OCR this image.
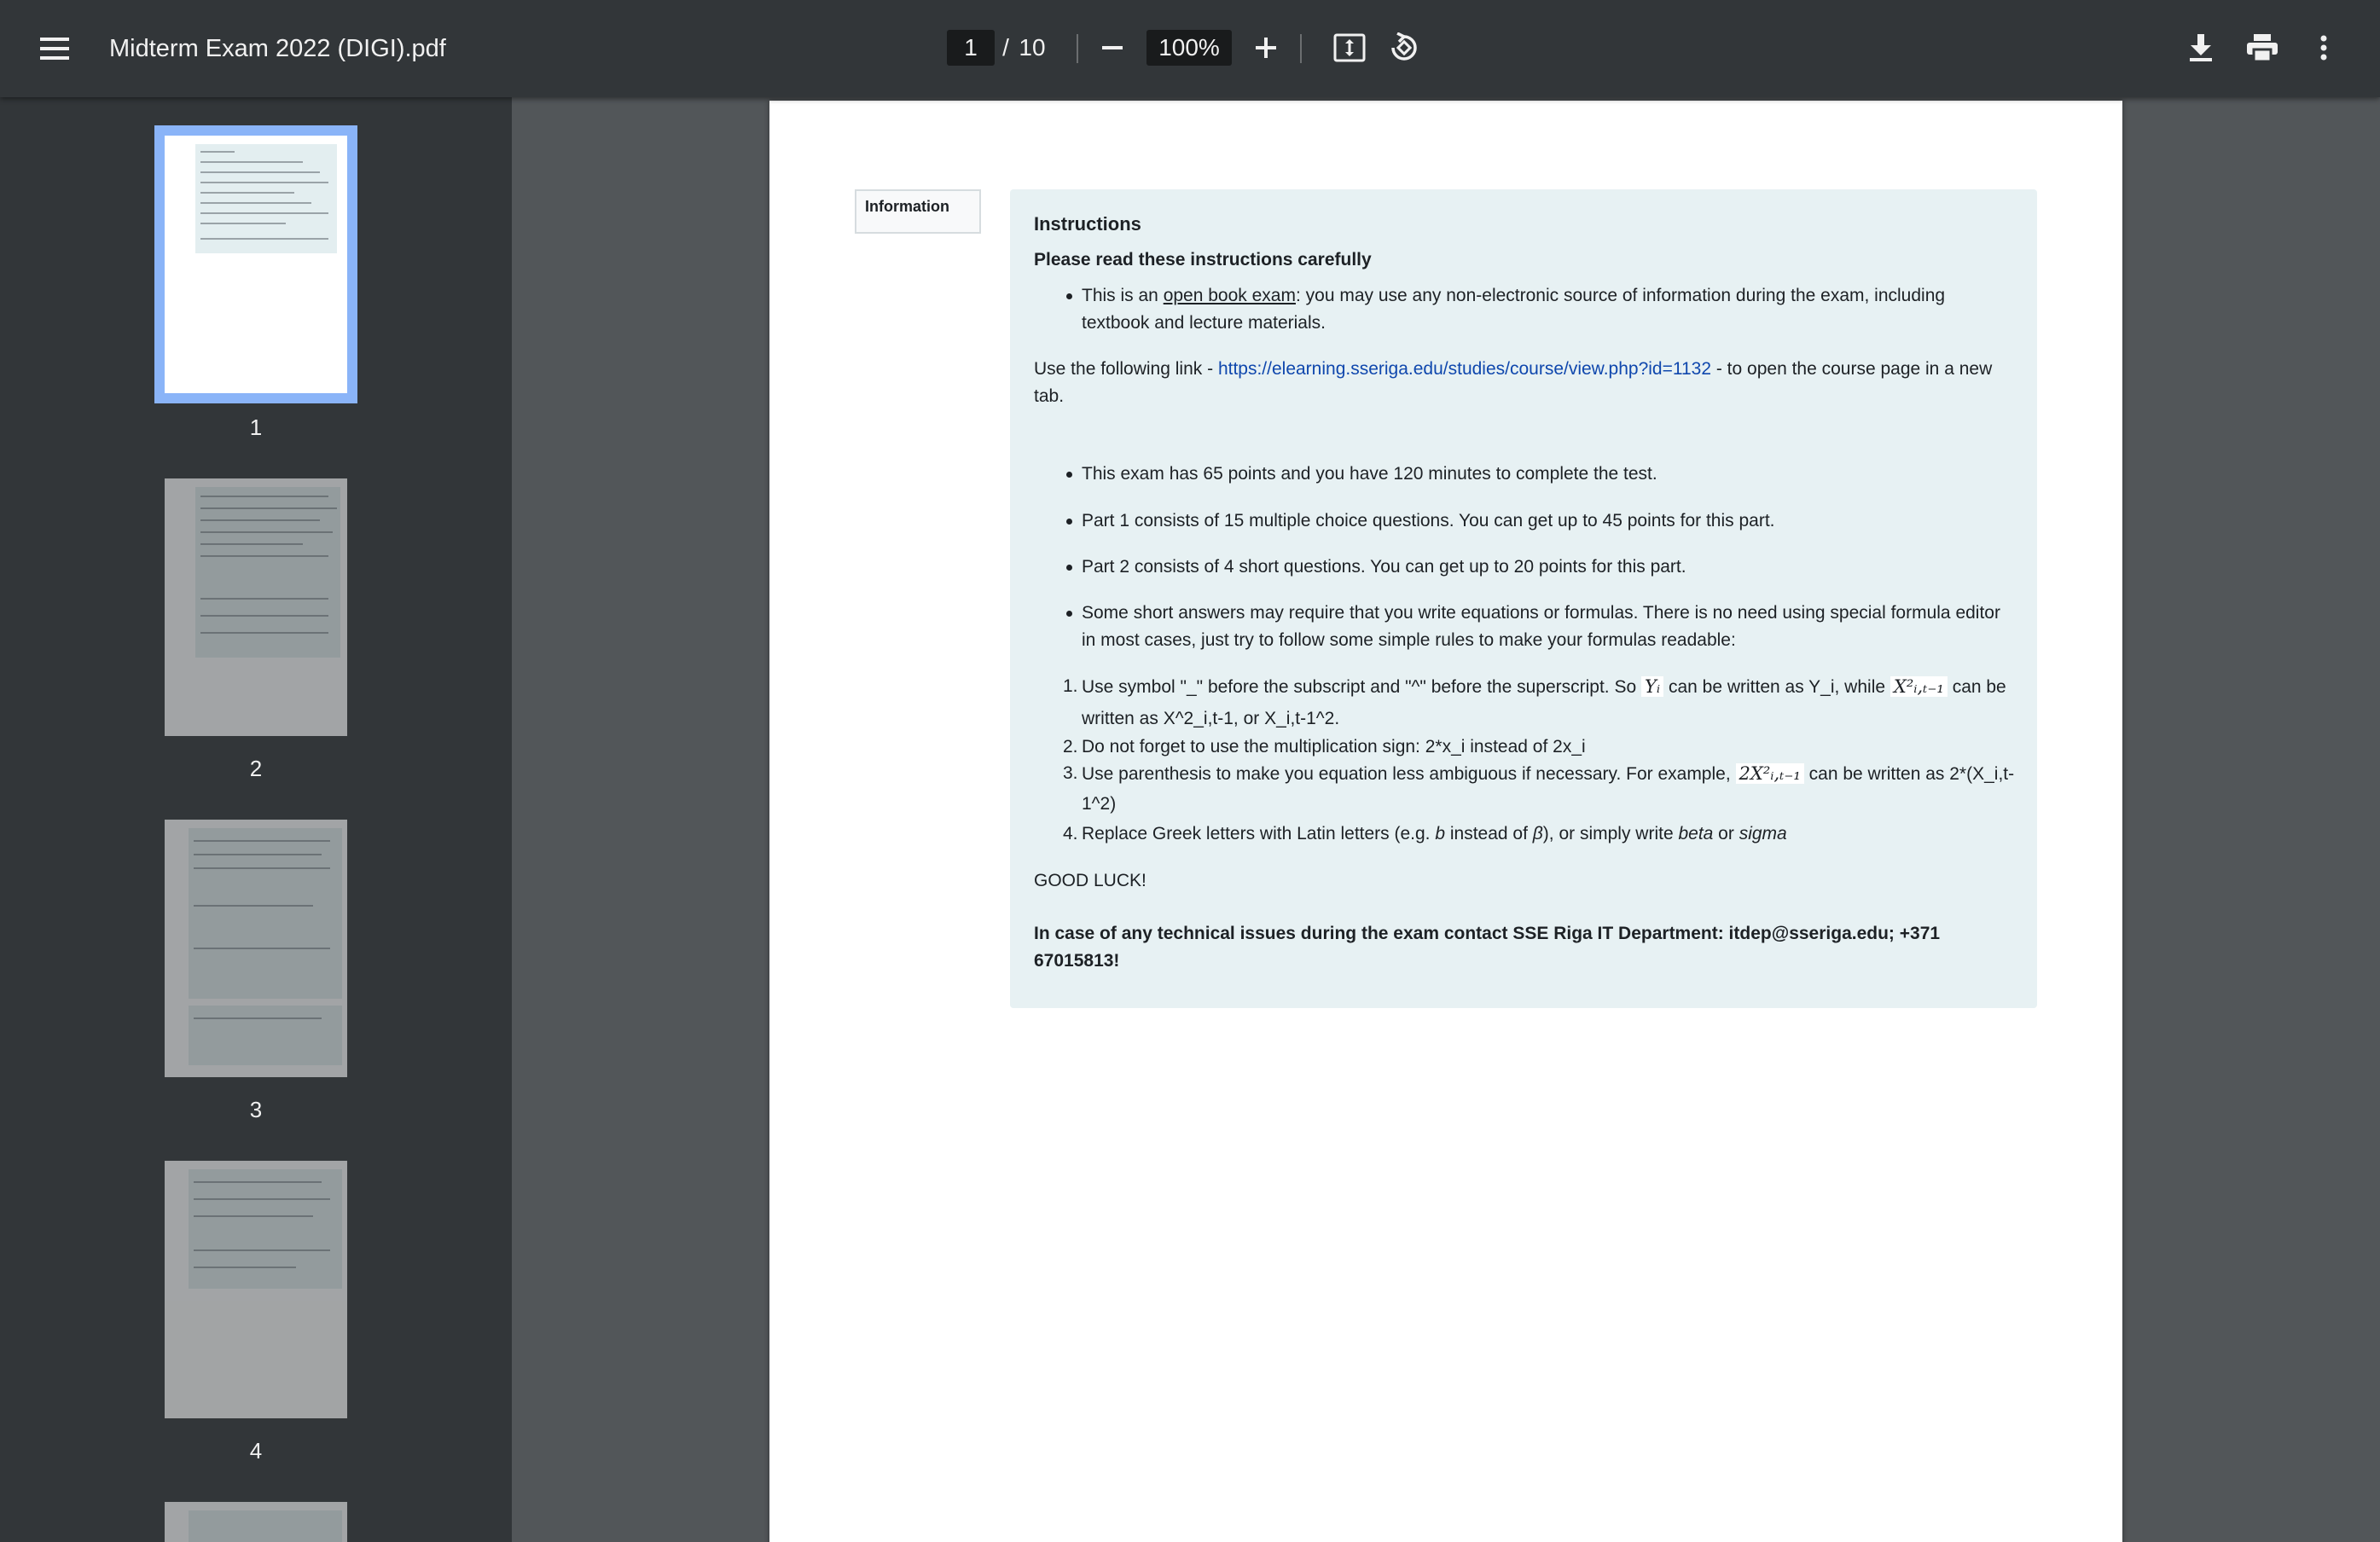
Midterm Exam 2022 (DIGI).pdf	1	/ 10	100%
1
2
3
4
Information
Instructions
Please read these instructions carefully
This is an open book exam: you may use any non-electronic source of information during the exam, including
textbook and lecture materials.
Use the following link - https://elearning.sseriga.edu/studies/course/view.php?id=1132 - to open the course page in a new
tab.
This exam has 65 points and you have 120 minutes to complete the test.
Part 1 consists of 15 multiple choice questions. You can get up to 45 points for this part.
Part 2 consists of 4 short questions. You can get up to 20 points for this part.
Some short answers may require that you write equations or formulas. There is no need using special formula editor
in most cases, just try to follow some simple rules to make your formulas readable:
1. Use symbol "_" before the subscript and "^" before the superscript. So Yᵢ can be written as Y_i, while X²ᵢ,ₜ₋₁ can be
written as X^2_i,t-1, or X_i,t-1^2.
2. Do not forget to use the multiplication sign: 2*x_i instead of 2x_i
3. Use parenthesis to make you equation less ambiguous if necessary. For example, 2X²ᵢ,ₜ₋₁ can be written as 2*(X_i,t-
1^2)
4. Replace Greek letters with Latin letters (e.g. b instead of β), or simply write beta or sigma
GOOD LUCK!
In case of any technical issues during the exam contact SSE Riga IT Department: itdep@sseriga.edu; +371
67015813!
